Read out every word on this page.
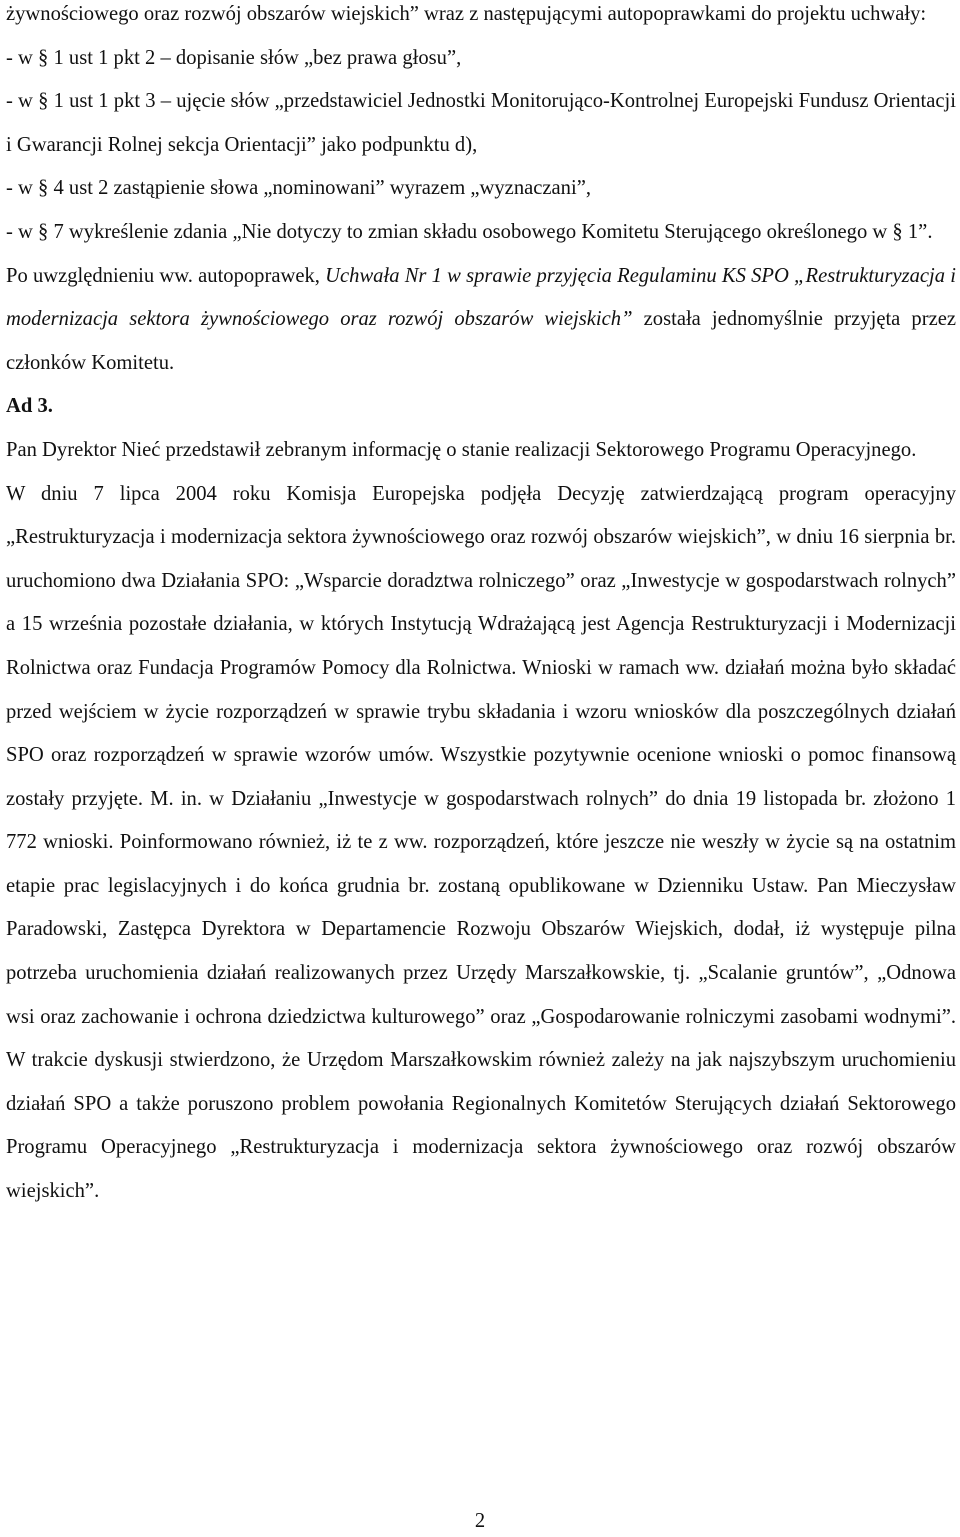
żywnościowego oraz rozwój obszarów wiejskich” wraz z następującymi autopoprawkami do projektu uchwały:

- w § 1 ust 1 pkt 2 – dopisanie słów „bez prawa głosu”,

- w § 1 ust 1 pkt 3 – ujęcie słów „przedstawiciel Jednostki Monitorująco-Kontrolnej Europejski Fundusz Orientacji i Gwarancji Rolnej sekcja Orientacji” jako podpunktu d),

- w § 4 ust 2 zastąpienie słowa „nominowani” wyrazem „wyznaczani”,

- w § 7 wykreślenie zdania „Nie dotyczy to zmian składu osobowego Komitetu Sterującego określonego w § 1”.

Po uwzględnieniu ww. autopoprawek, Uchwała Nr 1 w sprawie przyjęcia Regulaminu KS SPO „Restrukturyzacja i modernizacja sektora żywnościowego oraz rozwój obszarów wiejskich” została jednomyślnie przyjęta przez członków Komitetu.

Ad 3.

Pan Dyrektor Nieć przedstawił zebranym informację o stanie realizacji Sektorowego Programu Operacyjnego.

W dniu 7 lipca 2004 roku Komisja Europejska podjęła Decyzję zatwierdzającą program operacyjny „Restrukturyzacja i modernizacja sektora żywnościowego oraz rozwój obszarów wiejskich”, w dniu 16 sierpnia br. uruchomiono dwa Działania SPO: „Wsparcie doradztwa rolniczego” oraz „Inwestycje w gospodarstwach rolnych” a 15 września pozostałe działania, w których Instytucją Wdrażającą jest Agencja Restrukturyzacji i Modernizacji Rolnictwa oraz Fundacja Programów Pomocy dla Rolnictwa. Wnioski w ramach ww. działań można było składać przed wejściem w życie rozporządzeń w sprawie trybu składania i wzoru wniosków dla poszczególnych działań SPO oraz rozporządzeń w sprawie wzorów umów. Wszystkie pozytywnie ocenione wnioski o pomoc finansową zostały przyjęte. M. in. w Działaniu „Inwestycje w gospodarstwach rolnych” do dnia 19 listopada br. złożono 1 772 wnioski. Poinformowano również, iż te z ww. rozporządzeń, które jeszcze nie weszły w życie są na ostatnim etapie prac legislacyjnych i do końca grudnia br. zostaną opublikowane w Dzienniku Ustaw. Pan Mieczysław Paradowski, Zastępca Dyrektora w Departamencie Rozwoju Obszarów Wiejskich, dodał, iż występuje pilna potrzeba uruchomienia działań realizowanych przez Urzędy Marszałkowskie, tj. „Scalanie gruntów”, „Odnowa wsi oraz zachowanie i ochrona dziedzictwa kulturowego” oraz „Gospodarowanie rolniczymi zasobami wodnymi”. W trakcie dyskusji stwierdzono, że Urzędom Marszałkowskim również zależy na jak najszybszym uruchomieniu działań SPO a także poruszono problem powołania Regionalnych Komitetów Sterujących działań Sektorowego Programu Operacyjnego „Restrukturyzacja i modernizacja sektora żywnościowego oraz rozwój obszarów wiejskich”.

2
